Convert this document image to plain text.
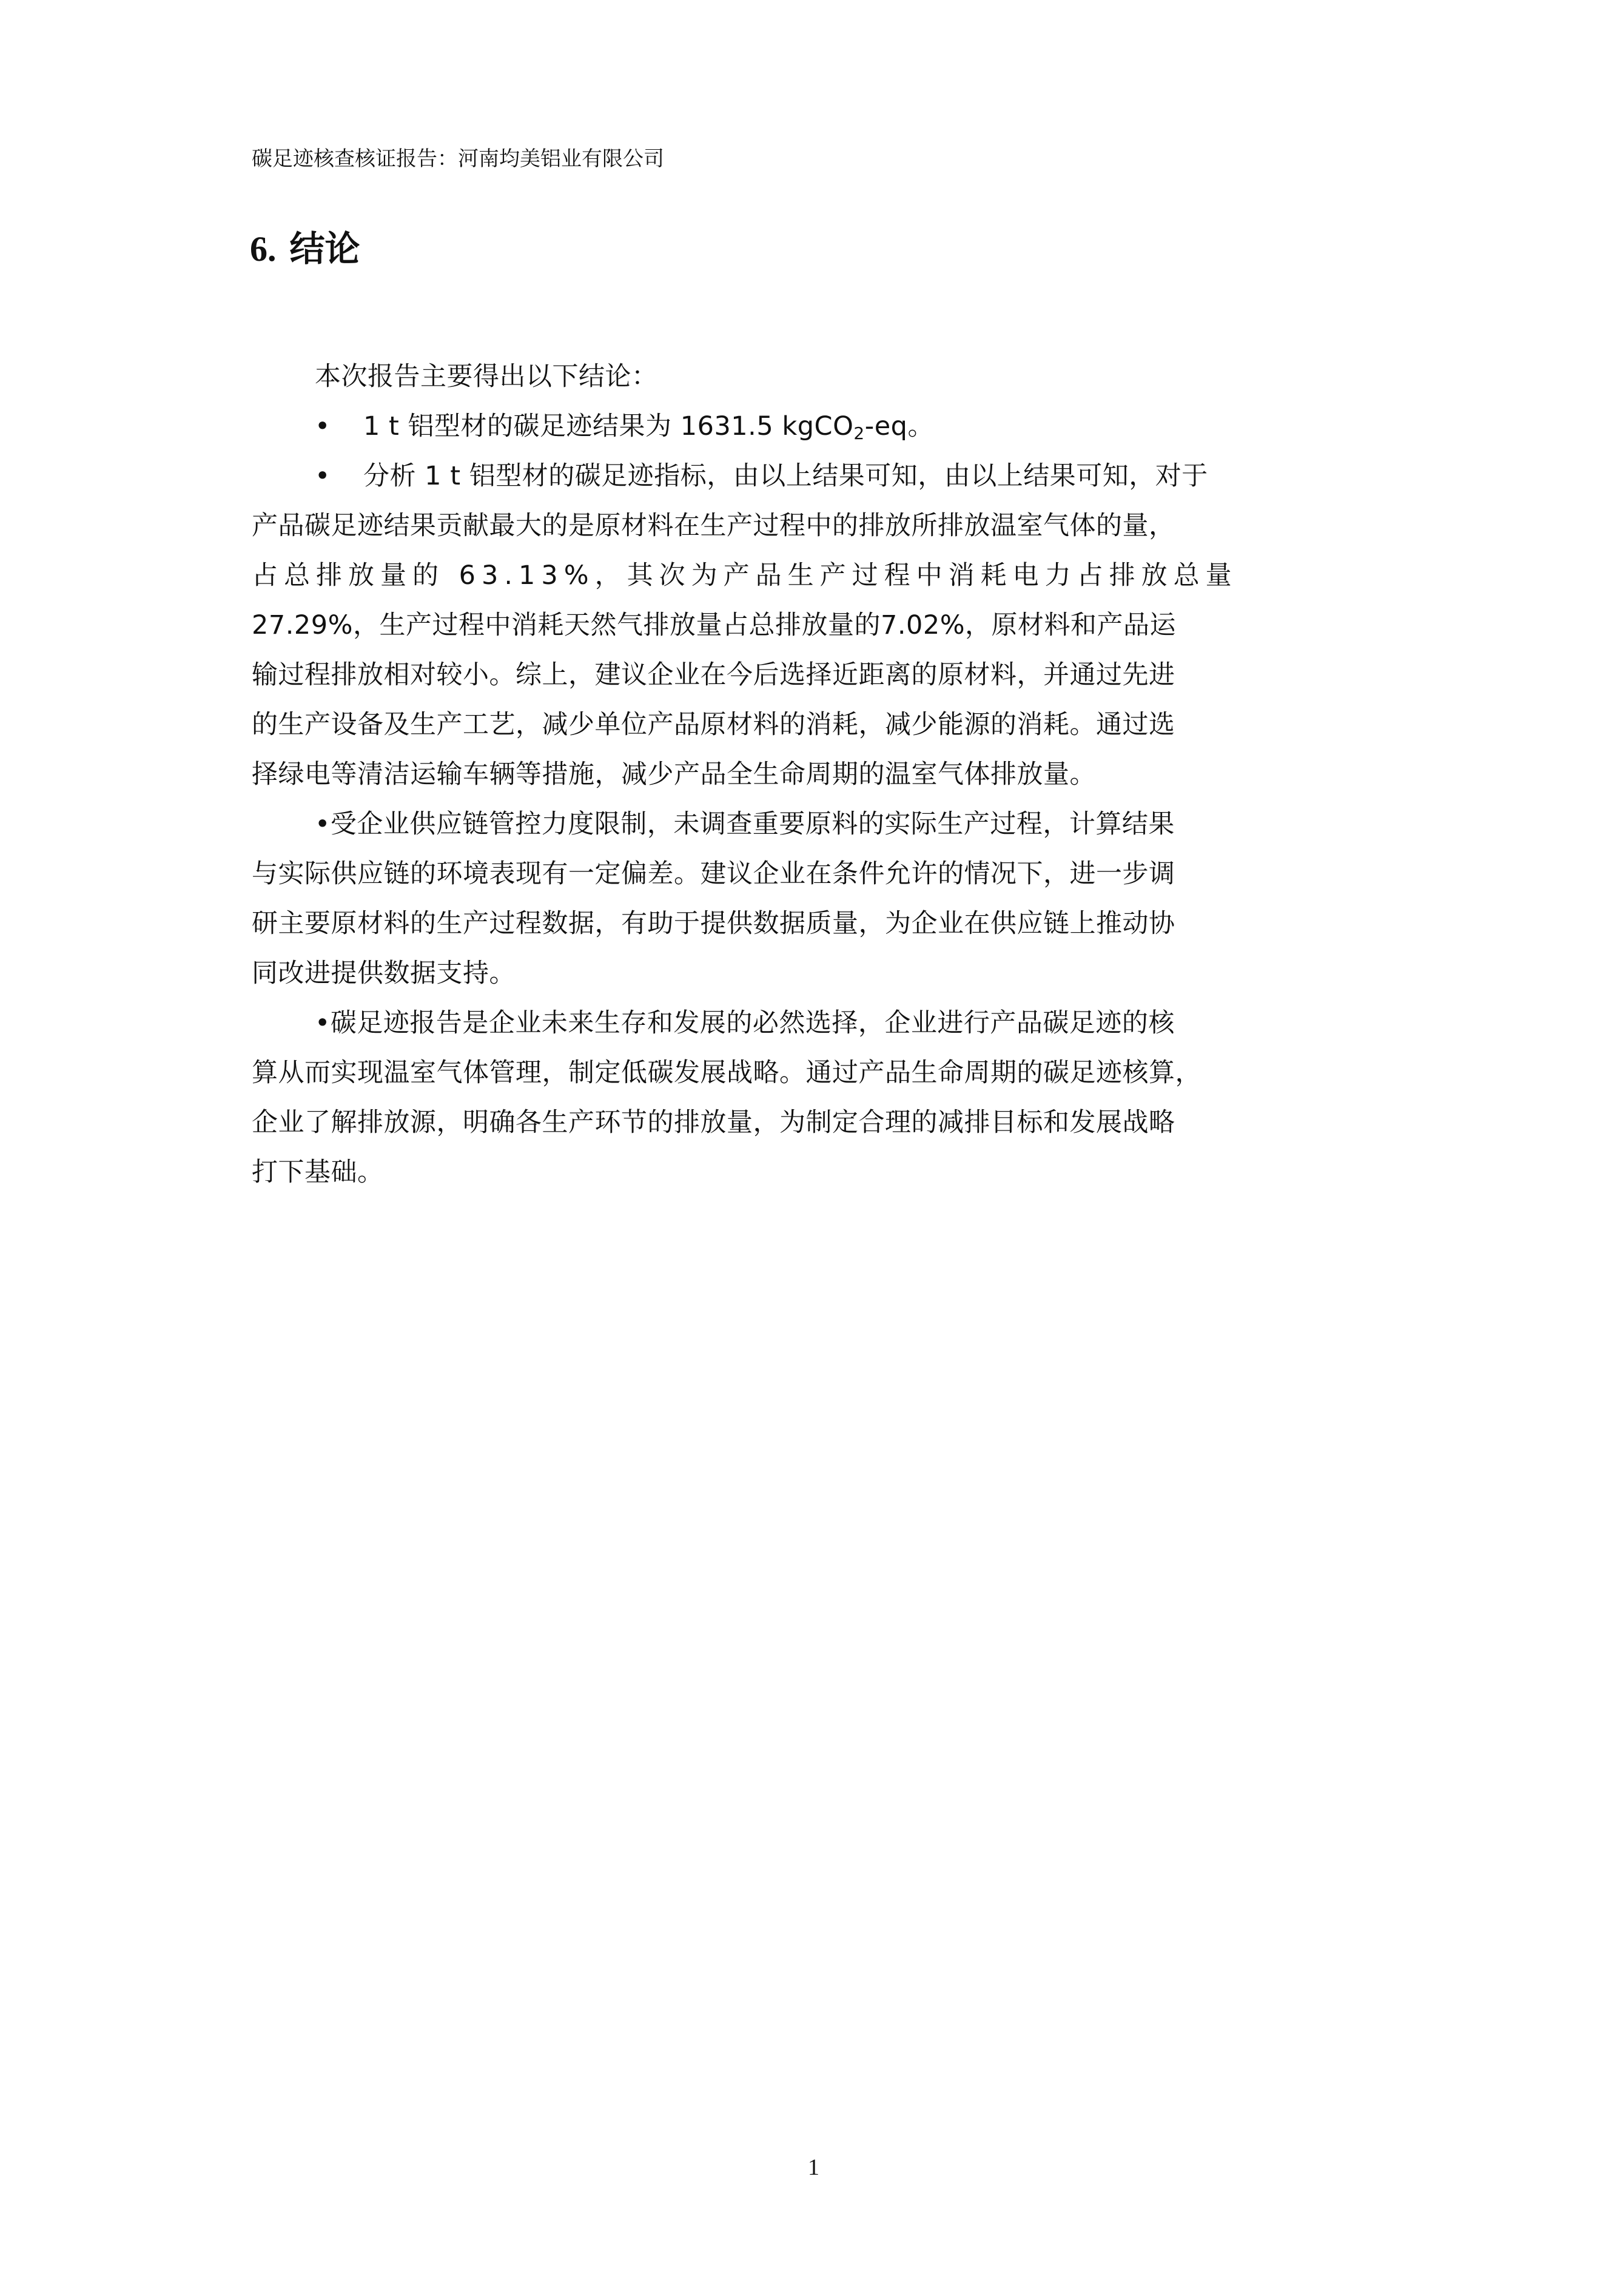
碳足迹核查核证报告：河南均美铝业有限公司
6. 结论

本次报告主要得出以下结论：

• 1 t 铝型材的碳足迹结果为 1631.5 kgCO$_2$-eq。

• 分析 1 t 铝型材的碳足迹指标，由以上结果可知，由以上结果可知，对于

产品碳足迹结果贡献最大的是原材料在生产过程中的排放所排放温室气体的量，

占总排放量的 63.13%，其次为产品生产过程中消耗电力占排放总量

27.29%，生产过程中消耗天然气排放量占总排放量的7.02%，原材料和产品运

输过程排放相对较小。综上，建议企业在今后选择近距离的原材料，并通过先进

的生产设备及生产工艺，减少单位产品原材料的消耗，减少能源的消耗。通过选

择绿电等清洁运输车辆等措施，减少产品全生命周期的温室气体排放量。

•受企业供应链管控力度限制，未调查重要原料的实际生产过程，计算结果

与实际供应链的环境表现有一定偏差。建议企业在条件允许的情况下，进一步调

研主要原材料的生产过程数据，有助于提供数据质量，为企业在供应链上推动协

同改进提供数据支持。

•碳足迹报告是企业未来生存和发展的必然选择，企业进行产品碳足迹的核

算从而实现温室气体管理，制定低碳发展战略。通过产品生命周期的碳足迹核算，

企业了解排放源，明确各生产环节的排放量，为制定合理的减排目标和发展战略

打下基础。

1
